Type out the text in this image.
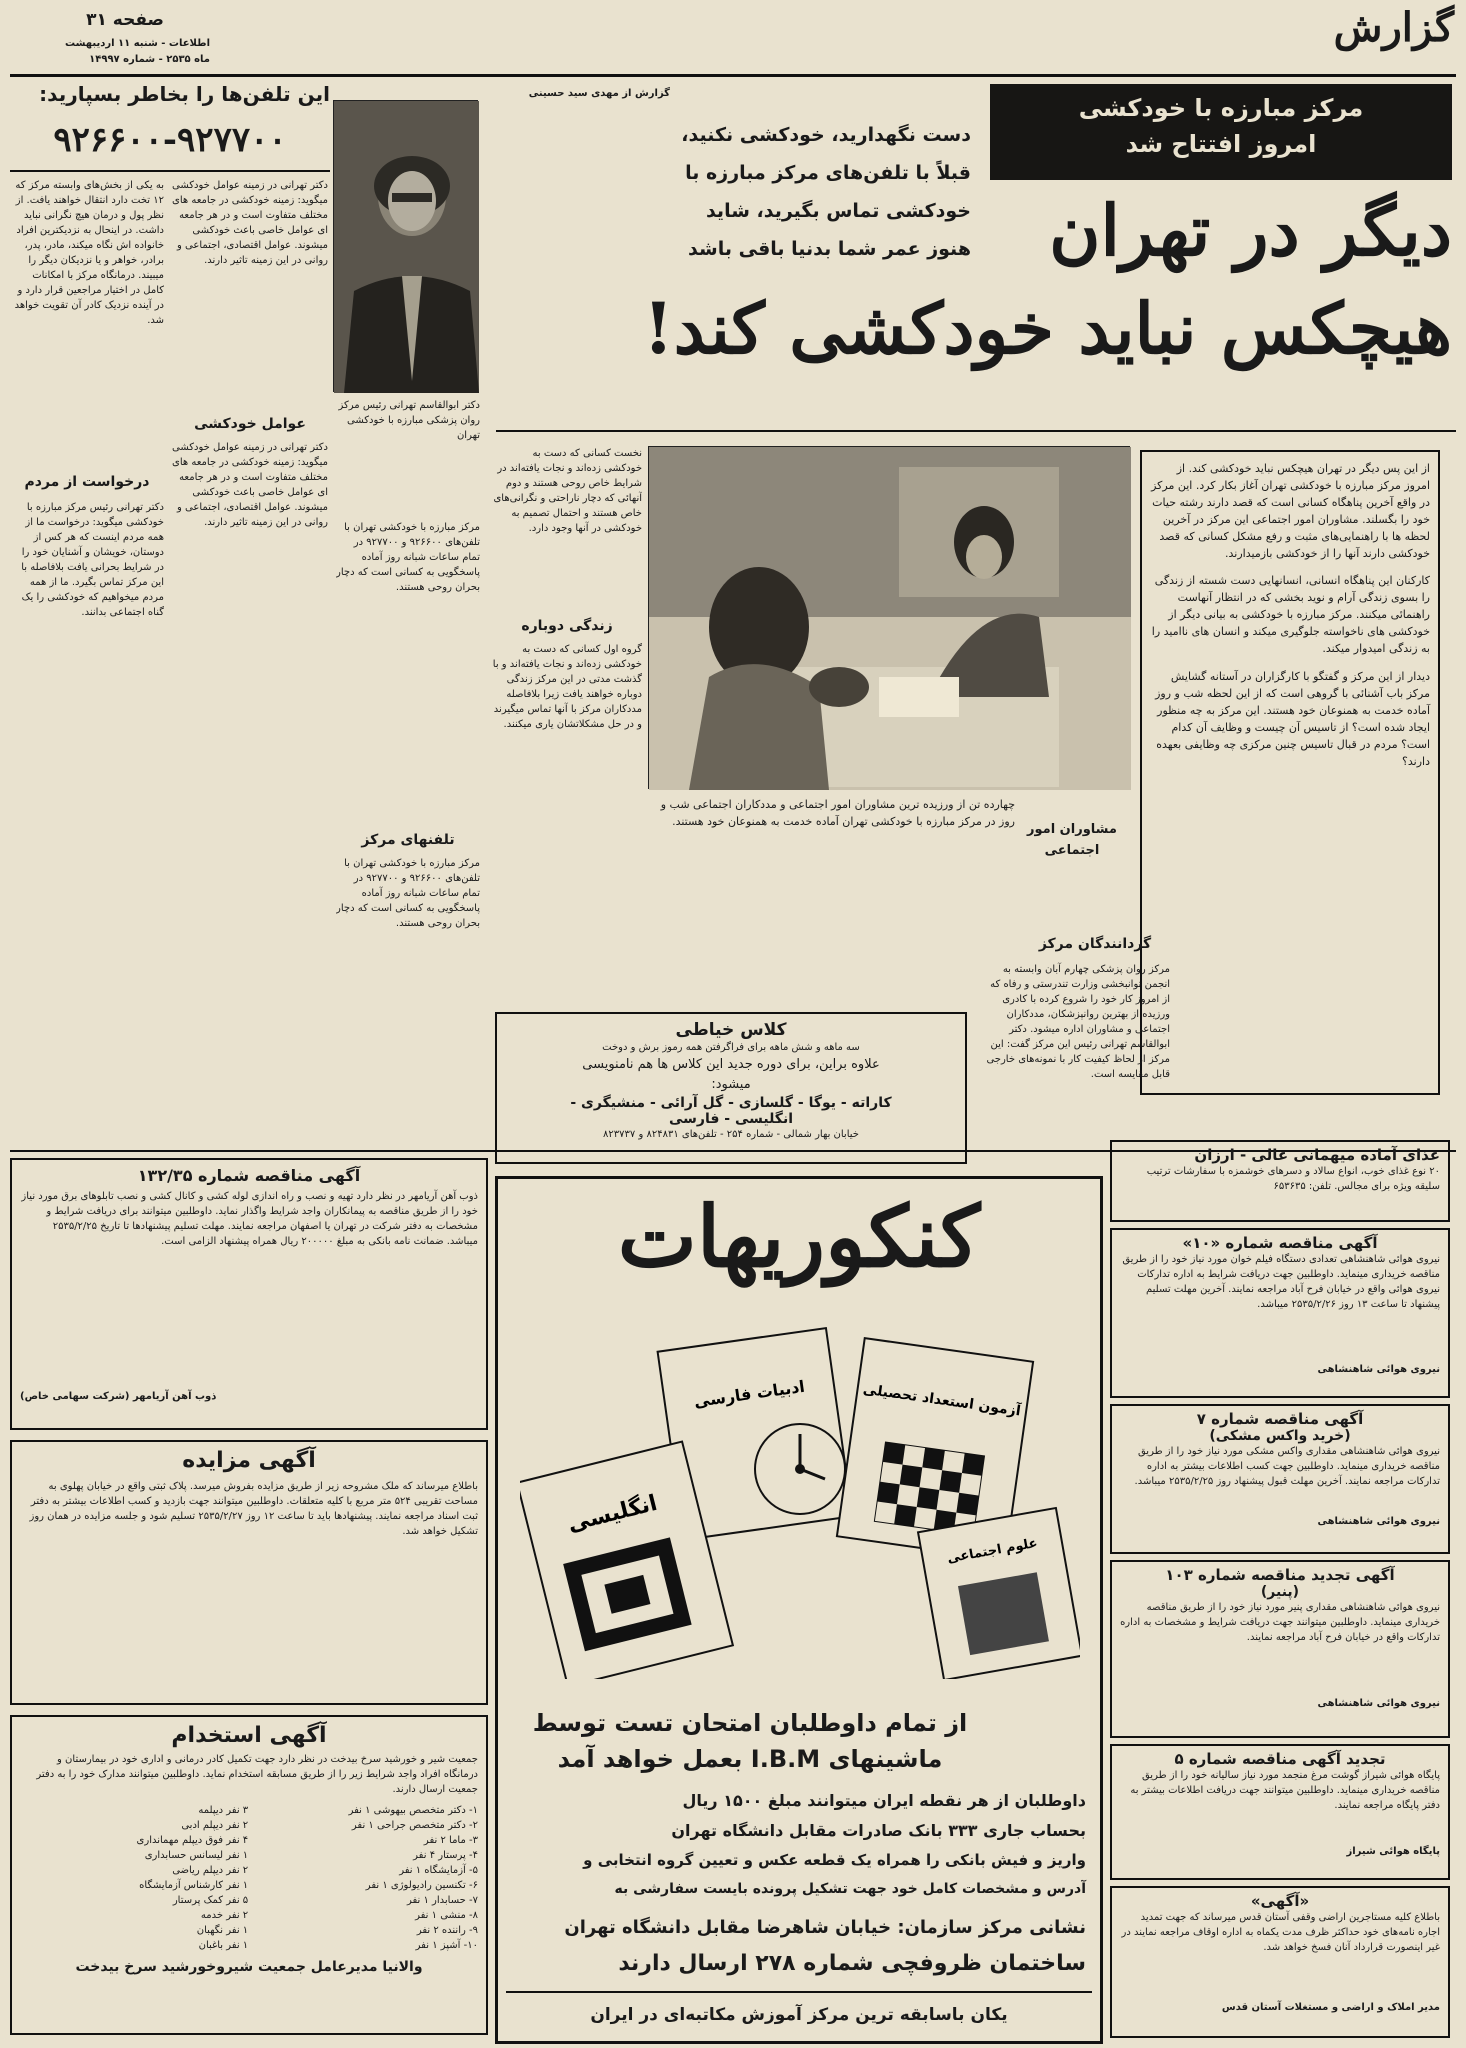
گزارش
صفحه ۳۱
اطلاعات - شنبه ۱۱ اردیبهشت
ماه ۲۵۳۵ - شماره ۱۴۹۹۷
این تلفن‌ها را بخاطر بسپارید:
۹۲۶۶۰۰-۹۲۷۷۰۰
گزارش از مهدی سید حسینی
دست نگهدارید، خودکشی نکنید،
قبلاً با تلفن‌های مرکز مبارزه با
خودکشی تماس بگیرید، شاید
هنوز عمر شما بدنیا باقی باشد
مرکز مبارزه با خودکشی
امروز افتتاح شد
دیگر در تهران
هیچکس نباید خودکشی کند!
به یکی از بخش‌های وابسته مرکز که ۱۲ تخت دارد انتقال خواهند یافت. از نظر پول و درمان هیچ نگرانی نباید داشت. در اینحال به نزدیکترین افراد خانواده اش نگاه میکند، مادر، پدر، برادر، خواهر و یا نزدیکان دیگر را میبیند. درمانگاه مرکز با امکانات کامل در اختیار مراجعین قرار دارد و در آینده نزدیک کادر آن تقویت خواهد شد.
درخواست از مردم
دکتر تهرانی رئیس مرکز مبارزه با خودکشی میگوید: درخواست ما از همه مردم اینست که هر کس از دوستان، خویشان و آشنایان خود را در شرایط بحرانی یافت بلافاصله با این مرکز تماس بگیرد. ما از همه مردم میخواهیم که خودکشی را یک گناه اجتماعی بدانند.
دکتر تهرانی در زمینه عوامل خودکشی میگوید: زمینه خودکشی در جامعه های مختلف متفاوت است و در هر جامعه ای عوامل خاصی باعث خودکشی میشوند. عوامل اقتصادی، اجتماعی و روانی در این زمینه تاثیر دارند.
عوامل خودکشی
دکتر تهرانی در زمینه عوامل خودکشی میگوید: زمینه خودکشی در جامعه های مختلف متفاوت است و در هر جامعه ای عوامل خاصی باعث خودکشی میشوند. عوامل اقتصادی، اجتماعی و روانی در این زمینه تاثیر دارند.
دکتر ابوالقاسم تهرانی رئیس مرکز روان پزشکی مبارزه با خودکشی تهران
مرکز مبارزه با خودکشی تهران با تلفن‌های ۹۲۶۶۰۰ و ۹۲۷۷۰۰ در تمام ساعات شبانه روز آماده پاسخگویی به کسانی است که دچار بحران روحی هستند.
تلفنهای مرکز
مرکز مبارزه با خودکشی تهران با تلفن‌های ۹۲۶۶۰۰ و ۹۲۷۷۰۰ در تمام ساعات شبانه روز آماده پاسخگویی به کسانی است که دچار بحران روحی هستند.
نخست کسانی که دست به خودکشی زده‌اند و نجات یافته‌اند در شرایط خاص روحی هستند و دوم آنهائی که دچار ناراحتی و نگرانی‌های خاص هستند و احتمال تصمیم به خودکشی در آنها وجود دارد.
زندگی دوباره
گروه اول کسانی که دست به خودکشی زده‌اند و نجات یافته‌اند و با گذشت مدتی در این مرکز زندگی دوباره خواهند یافت زیرا بلافاصله مددکاران مرکز با آنها تماس میگیرند و در حل مشکلاتشان یاری میکنند.
چهارده تن از ورزیده ترین مشاوران امور اجتماعی و مددکاران اجتماعی شب و روز در مرکز مبارزه با خودکشی تهران آماده خدمت به همنوعان خود هستند.
مشاوران امور اجتماعی
از این پس دیگر در تهران هیچکس نباید خودکشی کند. از امروز مرکز مبارزه با خودکشی تهران آغاز بکار کرد. این مرکز در واقع آخرین پناهگاه کسانی است که قصد دارند رشته حیات خود را بگسلند. مشاوران امور اجتماعی این مرکز در آخرین لحظه ها با راهنمایی‌های مثبت و رفع مشکل کسانی که قصد خودکشی دارند آنها را از خودکشی بازمیدارند.
کارکنان این پناهگاه انسانی، انسانهایی دست شسته از زندگی را بسوی زندگی آرام و نوید بخشی که در انتظار آنهاست راهنمائی میکنند. مرکز مبارزه با خودکشی به بیانی دیگر از خودکشی های ناخواسته جلوگیری میکند و انسان های ناامید را به زندگی امیدوار میکند.
دیدار از این مرکز و گفتگو با کارگزاران در آستانه گشایش مرکز باب آشنائی با گروهی است که از این لحظه شب و روز آماده خدمت به همنوعان خود هستند. این مرکز به چه منظور ایجاد شده است؟ از تاسیس آن چیست و وظایف آن کدام است؟ مردم در قبال تاسیس چنین مرکزی چه وظایفی بعهده دارند؟
گردانندگان مرکز
مرکز روان پزشکی چهارم آبان وابسته به انجمن توانبخشی وزارت تندرستی و رفاه که از امروز کار خود را شروع کرده با کادری ورزیده از بهترین روانپزشکان، مددکاران اجتماعی و مشاوران اداره میشود. دکتر ابوالقاسم تهرانی رئیس این مرکز گفت: این مرکز از لحاظ کیفیت کار با نمونه‌های خارجی قابل مقایسه است.
کلاس خیاطی
سه ماهه و شش ماهه برای فراگرفتن همه رموز برش و دوخت
علاوه براین، برای دوره جدید این کلاس ها هم نامنویسی
میشود:
کاراته - یوگا - گلسازی - گل آرائی - منشیگری -
انگلیسی - فارسی
خیابان بهار شمالی - شماره ۲۵۴ - تلفن‌های ۸۲۴۸۳۱ و ۸۲۳۷۳۷
آگهی مناقصه شماره ۱۳۲/۳۵
ذوب آهن آریامهر در نظر دارد تهیه و نصب و راه اندازی لوله کشی و کانال کشی و نصب تابلوهای برق مورد نیاز خود را از طریق مناقصه به پیمانکاران واجد شرایط واگذار نماید. داوطلبین میتوانند برای دریافت شرایط و مشخصات به دفتر شرکت در تهران یا اصفهان مراجعه نمایند. مهلت تسلیم پیشنهادها تا تاریخ ۲۵۳۵/۲/۲۵ میباشد. ضمانت نامه بانکی به مبلغ ۲۰۰۰۰۰ ریال همراه پیشنهاد الزامی است.
ذوب آهن آریامهر (شرکت سهامی خاص)
آگهی مزایده
باطلاع میرساند که ملک مشروحه زیر از طریق مزایده بفروش میرسد. پلاک ثبتی واقع در خیابان پهلوی به مساحت تقریبی ۵۲۴ متر مربع با کلیه متعلقات. داوطلبین میتوانند جهت بازدید و کسب اطلاعات بیشتر به دفتر ثبت اسناد مراجعه نمایند. پیشنهادها باید تا ساعت ۱۲ روز ۲۵۳۵/۲/۲۷ تسلیم شود و جلسه مزایده در همان روز تشکیل خواهد شد.
آگهی استخدام
جمعیت شیر و خورشید سرخ بیدخت در نظر دارد جهت تکمیل کادر درمانی و اداری خود در بیمارستان و درمانگاه افراد واجد شرایط زیر را از طریق مسابقه استخدام نماید. داوطلبین میتوانند مدارک خود را به دفتر جمعیت ارسال دارند.
۱- دکتر متخصص بیهوشی ۱ نفر
۲- دکتر متخصص جراحی ۱ نفر
۳- ماما ۲ نفر
۴- پرستار ۴ نفر
۵- آزمایشگاه ۱ نفر
۶- تکنسین رادیولوژی ۱ نفر
۷- حسابدار ۱ نفر
۸- منشی ۱ نفر
۹- راننده ۲ نفر
۱۰- آشپز ۱ نفر
۳ نفر دیپلمه
۲ نفر دیپلم ادبی
۴ نفر فوق دیپلم مهمانداری
۱ نفر لیسانس حسابداری
۲ نفر دیپلم ریاضی
۱ نفر کارشناس آزمایشگاه
۵ نفر کمک پرستار
۲ نفر خدمه
۱ نفر نگهبان
۱ نفر باغبان
والانیا مدیرعامل جمعیت شیروخورشید سرخ بیدخت
کنکوریهات
ادبیات فارسی	آزمون استعداد تحصیلی
انگلیسی
علوم اجتماعی
از تمام داوطلبان امتحان تست توسط
ماشینهای I.B.M بعمل خواهد آمد
داوطلبان از هر نقطه ایران میتوانند مبلغ ۱۵۰۰ ریال
بحساب جاری ۳۳۳ بانک صادرات مقابل دانشگاه تهران
واریز و فیش بانکی را همراه یک قطعه عکس و تعیین گروه انتخابی و
آدرس و مشخصات کامل خود جهت تشکیل پرونده بایست سفارشی به
نشانی مرکز سازمان: خیابان شاهرضا مقابل دانشگاه تهران
ساختمان ظروفچی شماره ۲۷۸ ارسال دارند
یکان باسابقه ترین مرکز آموزش مکاتبه‌ای در ایران
غذای آماده میهمانی عالی - ارزان
۲۰ نوع غذای خوب، انواع سالاد و دسرهای خوشمزه با سفارشات ترتیب سلیقه ویژه برای مجالس. تلفن: ۶۵۳۶۳۵
آگهی مناقصه شماره «۱۰»
نیروی هوائی شاهنشاهی تعدادی دستگاه فیلم خوان مورد نیاز خود را از طریق مناقصه خریداری مینماید. داوطلبین جهت دریافت شرایط به اداره تدارکات نیروی هوائی واقع در خیابان فرح آباد مراجعه نمایند. آخرین مهلت تسلیم پیشنهاد تا ساعت ۱۳ روز ۲۵۳۵/۲/۲۶ میباشد.
نیروی هوائی شاهنشاهی
آگهی مناقصه شماره ۷
(خرید واکس مشکی)
نیروی هوائی شاهنشاهی مقداری واکس مشکی مورد نیاز خود را از طریق مناقصه خریداری مینماید. داوطلبین جهت کسب اطلاعات بیشتر به اداره تدارکات مراجعه نمایند. آخرین مهلت قبول پیشنهاد روز ۲۵۳۵/۲/۲۵ میباشد.
نیروی هوائی شاهنشاهی
آگهی تجدید مناقصه شماره ۱۰۳
(پنیر)
نیروی هوائی شاهنشاهی مقداری پنیر مورد نیاز خود را از طریق مناقصه خریداری مینماید. داوطلبین میتوانند جهت دریافت شرایط و مشخصات به اداره تدارکات واقع در خیابان فرح آباد مراجعه نمایند.
نیروی هوائی شاهنشاهی
تجدید آگهی مناقصه شماره ۵
پایگاه هوائی شیراز گوشت مرغ منجمد مورد نیاز سالیانه خود را از طریق مناقصه خریداری مینماید. داوطلبین میتوانند جهت دریافت اطلاعات بیشتر به دفتر پایگاه مراجعه نمایند.
پایگاه هوائی شیراز
«آگهی»
باطلاع کلیه مستاجرین اراضی وقفی آستان قدس میرساند که جهت تمدید اجاره نامه‌های خود حداکثر ظرف مدت یکماه به اداره اوقاف مراجعه نمایند در غیر اینصورت قرارداد آنان فسخ خواهد شد.
مدیر املاک و اراضی و مستغلات آستان قدس
